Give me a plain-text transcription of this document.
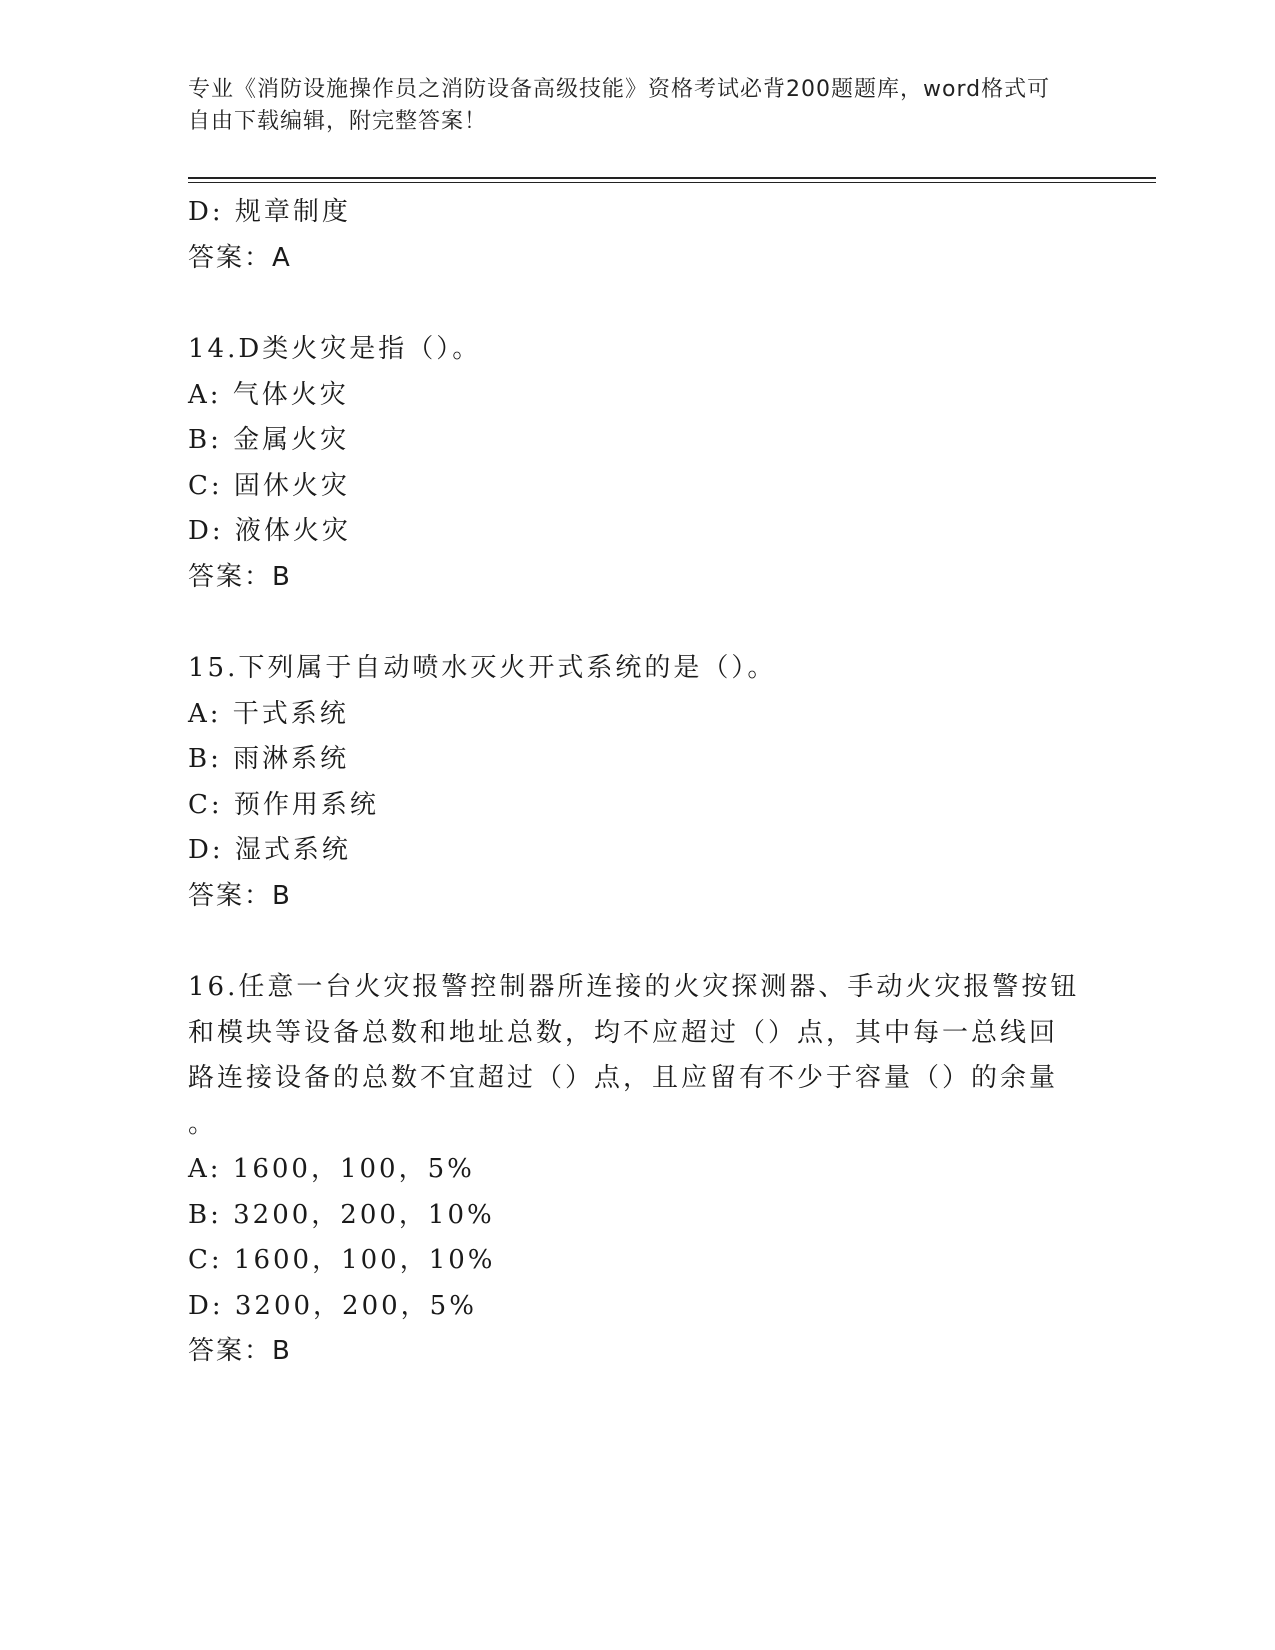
专业《消防设施操作员之消防设备高级技能》资格考试必背200题题库，word格式可自由下载编辑，附完整答案！
D: 规章制度
答案：A
14.D类火灾是指（）。
A: 气体火灾
B: 金属火灾
C: 固休火灾
D: 液体火灾
答案：B
15.下列属于自动喷水灭火开式系统的是（）。
A: 干式系统
B: 雨淋系统
C: 预作用系统
D: 湿式系统
答案：B
16.任意一台火灾报警控制器所连接的火灾探测器、手动火灾报警按钮
和模块等设备总数和地址总数，均不应超过（）点，其中每一总线回
路连接设备的总数不宜超过（）点，且应留有不少于容量（）的余量
。
A: 1600，100，5%
B: 3200，200，10%
C: 1600，100，10%
D: 3200，200，5%
答案：B
